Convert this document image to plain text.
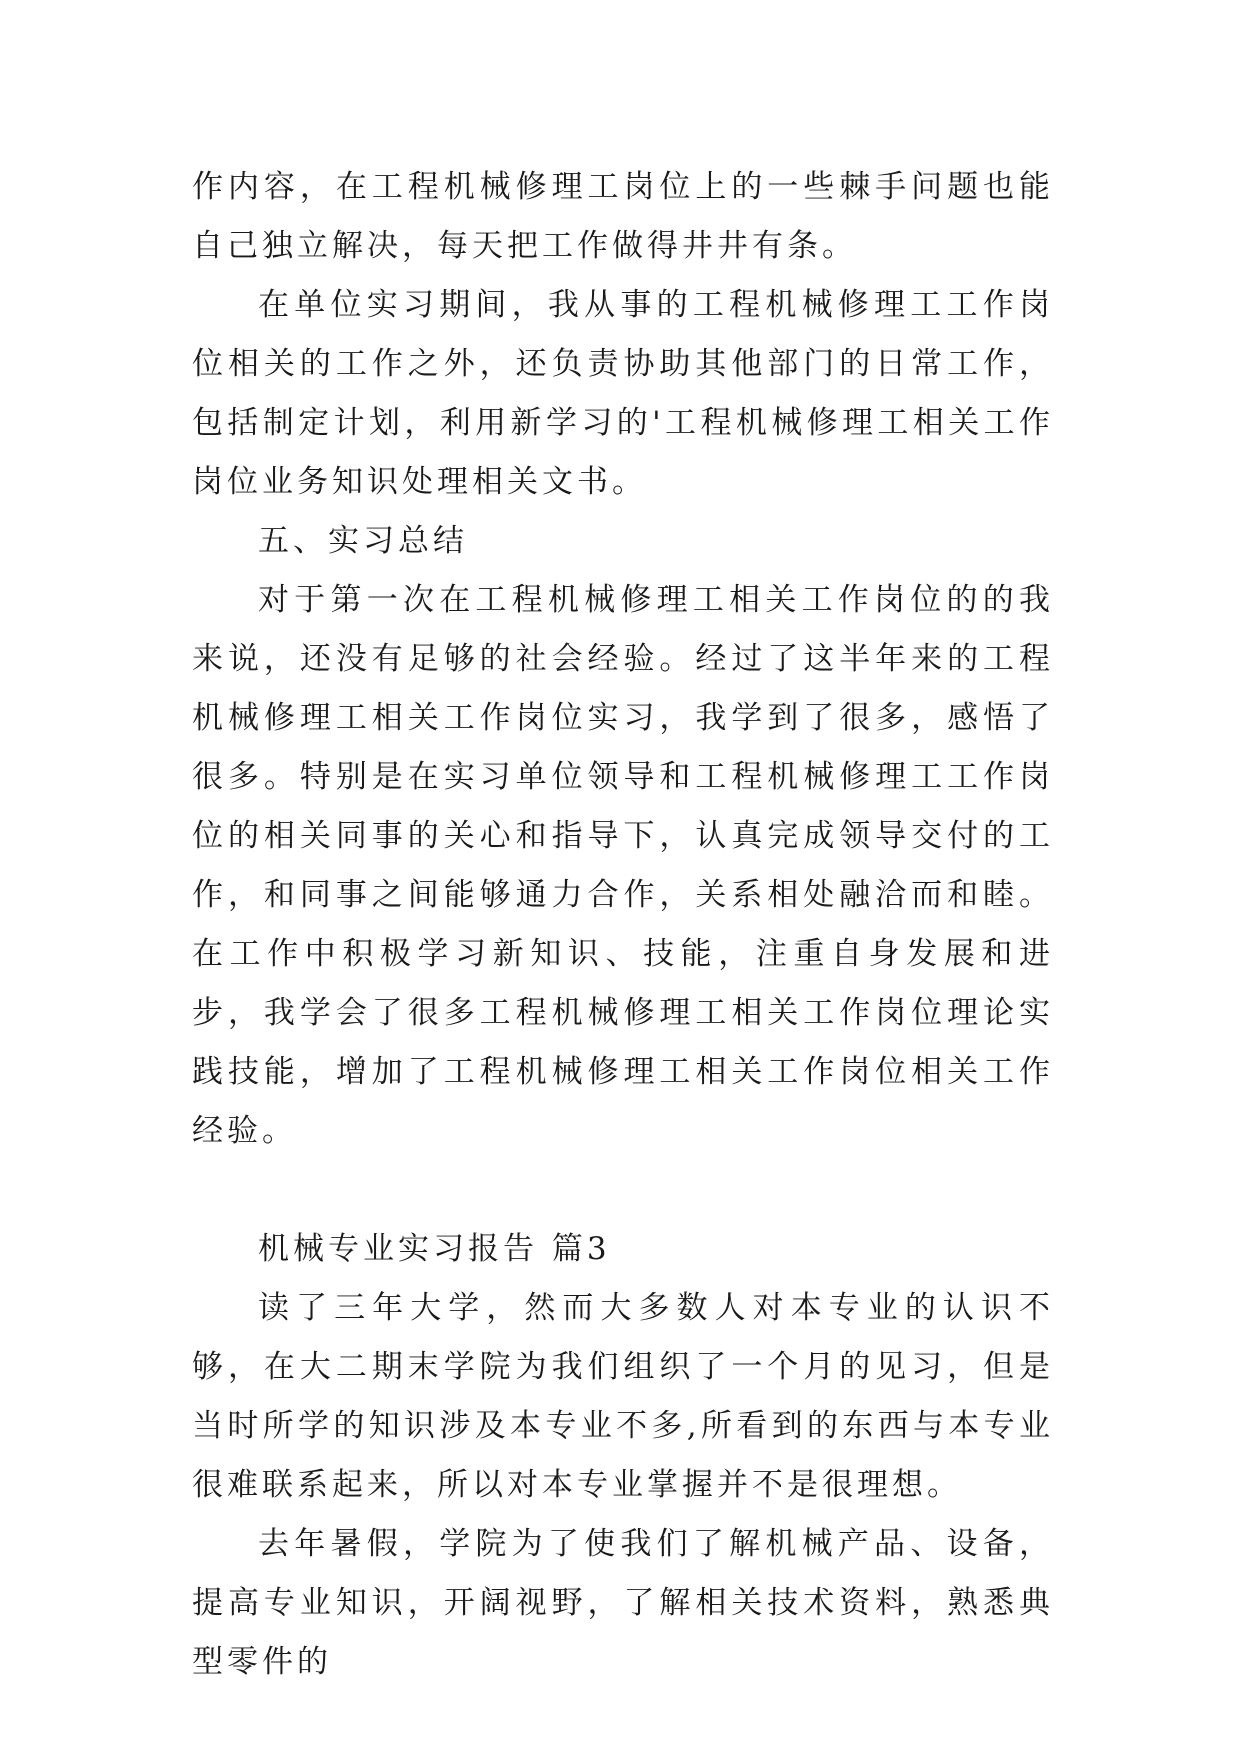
作内容，在工程机械修理工岗位上的一些棘手问题也能自己独立解决，每天把工作做得井井有条。

在单位实习期间，我从事的工程机械修理工工作岗位相关的工作之外，还负责协助其他部门的日常工作，包括制定计划，利用新学习的'工程机械修理工相关工作岗位业务知识处理相关文书。

五、实习总结

对于第一次在工程机械修理工相关工作岗位的的我来说，还没有足够的社会经验。经过了这半年来的工程机械修理工相关工作岗位实习，我学到了很多，感悟了很多。特别是在实习单位领导和工程机械修理工工作岗位的相关同事的关心和指导下，认真完成领导交付的工作，和同事之间能够通力合作，关系相处融洽而和睦。在工作中积极学习新知识、技能，注重自身发展和进步，我学会了很多工程机械修理工相关工作岗位理论实践技能，增加了工程机械修理工相关工作岗位相关工作经验。

机械专业实习报告 篇3

读了三年大学，然而大多数人对本专业的认识不够，在大二期末学院为我们组织了一个月的见习，但是当时所学的知识涉及本专业不多,所看到的东西与本专业很难联系起来，所以对本专业掌握并不是很理想。

去年暑假，学院为了使我们了解机械产品、设备，提高专业知识，开阔视野，了解相关技术资料，熟悉典型零件的
